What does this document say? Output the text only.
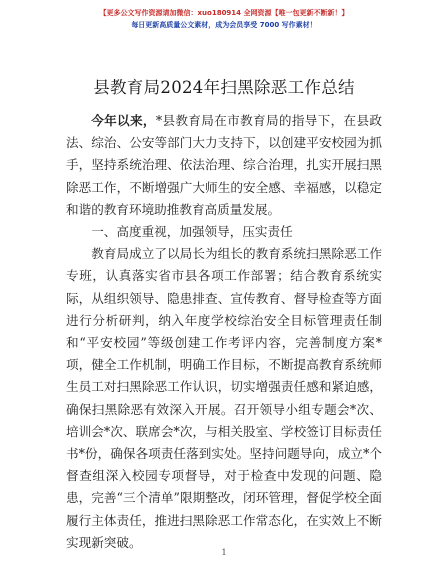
【更多公文写作资源请加微信：xuo180914 全网资源【唯一包更新不断新！】
每日更新高质量公文素材，成为会员享受 7000 写作素材！
县教育局2024年扫黑除恶工作总结

今年以来，*县教育局在市教育局的指导下，在县政法、综治、公安等部门大力支持下，以创建平安校园为抓手，坚持系统治理、依法治理、综合治理，扎实开展扫黑除恶工作，不断增强广大师生的安全感、幸福感，以稳定和谐的教育环境助推教育高质量发展。

一、高度重视，加强领导，压实责任

教育局成立了以局长为组长的教育系统扫黑除恶工作专班，认真落实省市县各项工作部署；结合教育系统实际，从组织领导、隐患排查、宣传教育、督导检查等方面进行分析研判，纳入年度学校综治安全目标管理责任制和“平安校园”等级创建工作考评内容，完善制度方案*项，健全工作机制，明确工作目标，不断提高教育系统师生员工对扫黑除恶工作认识，切实增强责任感和紧迫感，确保扫黑除恶有效深入开展。召开领导小组专题会*次、培训会*次、联席会*次，与相关股室、学校签订目标责任书*份，确保各项责任落到实处。坚持问题导向，成立*个督查组深入校园专项督导，对于检查中发现的问题、隐患，完善“三个清单”限期整改，闭环管理，督促学校全面履行主体责任，推进扫黑除恶工作常态化，在实效上不断实现新突破。

1
